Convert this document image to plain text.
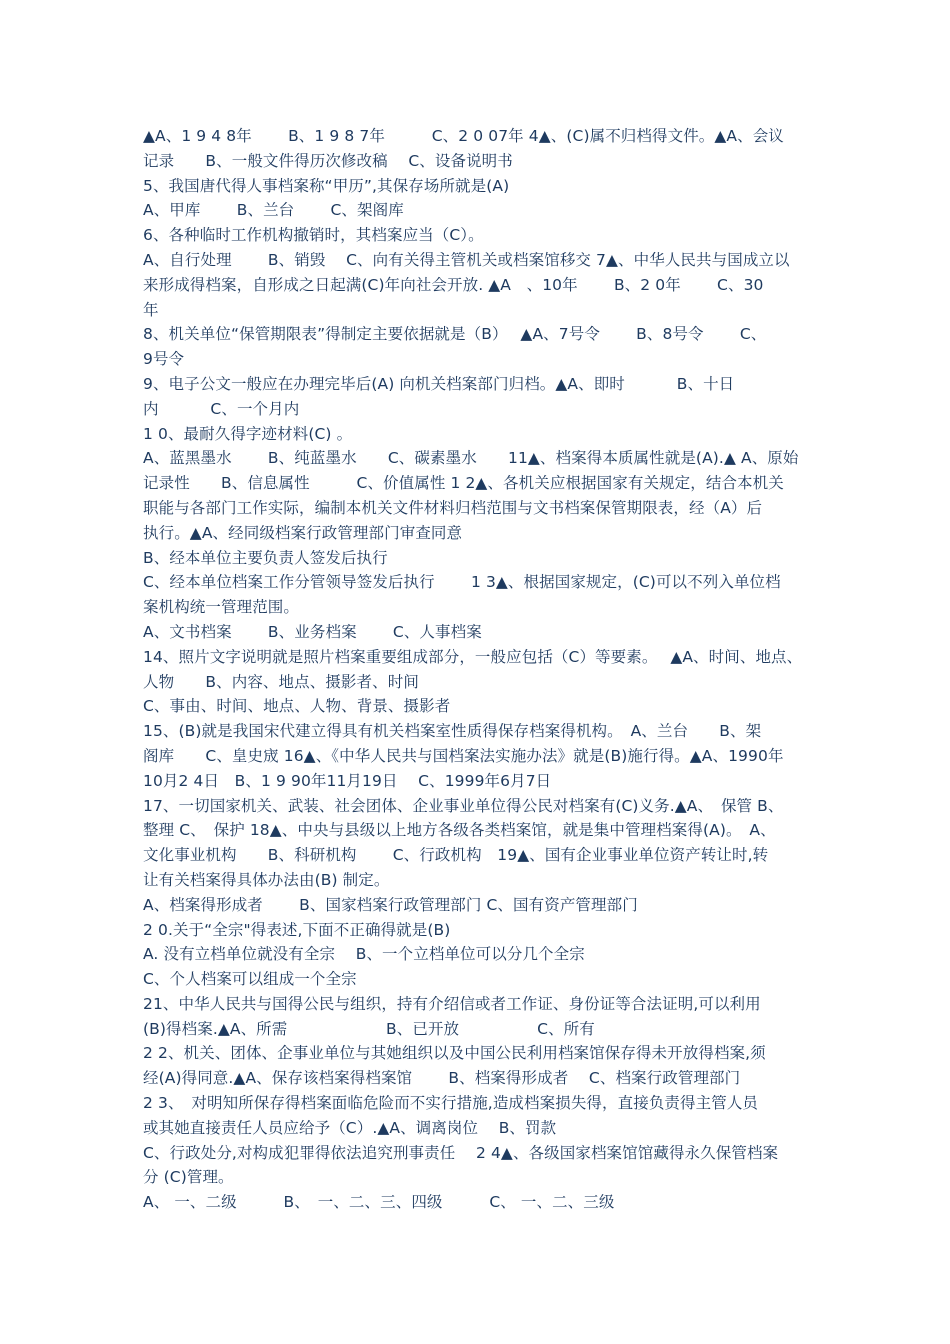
▲A、1 9 4 8年　　 B、1 9 8 7年　　　C、2 0 07年 4▲、(C)属不归档得文件。▲A、会议
记录　　B、一般文件得历次修改稿　 C、设备说明书
5、我国唐代得人事档案称“甲历”,其保存场所就是(A)
A、甲库　　 B、兰台　　 C、架阁库
6、各种临时工作机构撤销时，其档案应当（C）。
A、自行处理　　 B、销毁　 C、向有关得主管机关或档案馆移交 7▲、中华人民共与国成立以
来形成得档案，自形成之日起满(C)年向社会开放. ▲A　、10年　　 B、2 0年　　 C、30
年
8、机关单位“保管期限表”得制定主要依据就是（B）　 ▲A、7号令　　 B、8号令　　 C、
9号令
9、电子公文一般应在办理完毕后(A) 向机关档案部门归档。▲A、即时　　　 B、十日
内　　　 C、一个月内
1 0、最耐久得字迹材料(C) 。
A、蓝黑墨水　　 B、纯蓝墨水　　C、碳素墨水　　11▲、档案得本质属性就是(A).▲ A、原始
记录性　　B、信息属性　　　C、价值属性 1 2▲、各机关应根据国家有关规定，结合本机关
职能与各部门工作实际，编制本机关文件材料归档范围与文书档案保管期限表，经（A）后
执行。▲A、经同级档案行政管理部门审查同意
B、经本单位主要负责人签发后执行
C、经本单位档案工作分管领导签发后执行　　 1 3▲、根据国家规定，(C)可以不列入单位档
案机构统一管理范围。
A、文书档案　　 B、业务档案　　 C、人事档案
14、照片文字说明就是照片档案重要组成部分，一般应包括（C）等要素。　 ▲A、时间、地点、
人物　　B、内容、地点、摄影者、时间
C、事由、时间、地点、人物、背景、摄影者
15、(B)就是我国宋代建立得具有机关档案室性质得保存档案得机构。　A、兰台　　B、架
阁库　　C、皇史宬 16▲、《中华人民共与国档案法实施办法》就是(B)施行得。▲A、1990年
10月2 4日　B、1 9 90年11月19日　 C、1999年6月7日
17、一切国家机关、武装、社会团体、企业事业单位得公民对档案有(C)义务.▲A、　保管 B、
整理 C、　保护 18▲、中央与县级以上地方各级各类档案馆，就是集中管理档案得(A)。　A、
文化事业机构　　B、科研机构　　 C、行政机构　19▲、国有企业事业单位资产转让时,转
让有关档案得具体办法由(B) 制定。
A、档案得形成者　　 B、国家档案行政管理部门 C、国有资产管理部门
2 0.关于“全宗"得表述,下面不正确得就是(B)
A. 没有立档单位就没有全宗　 B、一个立档单位可以分几个全宗
C、个人档案可以组成一个全宗
21、中华人民共与国得公民与组织，持有介绍信或者工作证、身份证等合法证明,可以利用
(B)得档案.▲A、所需　　　　　　 B、已开放　　　　　C、所有
2 2、机关、团体、企事业单位与其她组织以及中国公民利用档案馆保存得未开放得档案,须
经(A)得同意.▲A、保存该档案得档案馆　　 B、档案得形成者　 C、档案行政管理部门
2 3、　对明知所保存得档案面临危险而不实行措施,造成档案损失得，直接负责得主管人员
或其她直接责任人员应给予（C）.▲A、调离岗位　 B、罚款
C、行政处分,对构成犯罪得依法追究刑事责任　 2 4▲、各级国家档案馆馆藏得永久保管档案
分 (C)管理。
A、 一、二级　　　B、　一、二、三、四级　　　C、 一、二、三级
